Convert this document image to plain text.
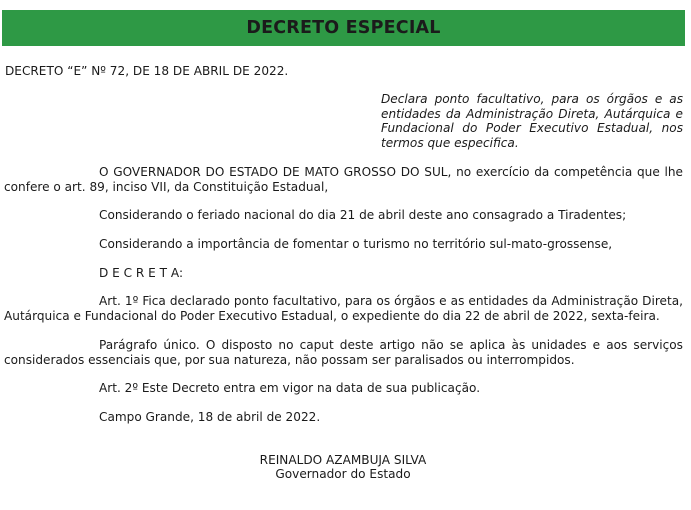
DECRETO ESPECIAL

DECRETO “E” Nº 72, DE 18 DE ABRIL DE 2022.

Declara ponto facultativo, para os órgãos e as entidades da Administração Direta, Autárquica e Fundacional do Poder Executivo Estadual, nos termos que especifica.

O GOVERNADOR DO ESTADO DE MATO GROSSO DO SUL, no exercício da competência que lhe confere o art. 89, inciso VII, da Constituição Estadual,

Considerando o feriado nacional do dia 21 de abril deste ano consagrado a Tiradentes;

Considerando a importância de fomentar o turismo no território sul-mato-grossense,

D E C R E T A:

Art. 1º Fica declarado ponto facultativo, para os órgãos e as entidades da Administração Direta, Autárquica e Fundacional do Poder Executivo Estadual, o expediente do dia 22 de abril de 2022, sexta-feira.

Parágrafo único. O disposto no caput deste artigo não se aplica às unidades e aos serviços considerados essenciais que, por sua natureza, não possam ser paralisados ou interrompidos.

Art. 2º Este Decreto entra em vigor na data de sua publicação.

Campo Grande, 18 de abril de 2022.

REINALDO AZAMBUJA SILVA

Governador do Estado
